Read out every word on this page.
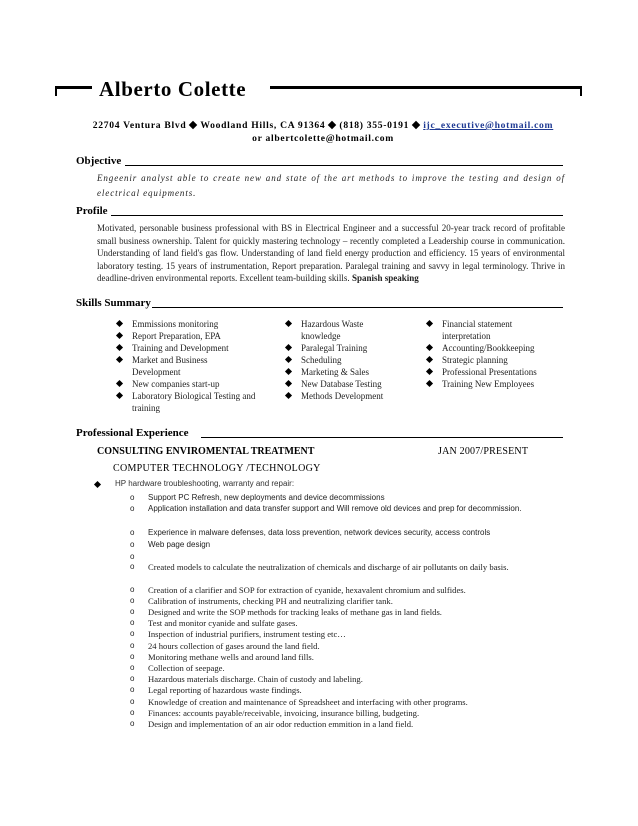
Alberto Colette
22704 Ventura Blvd Woodland Hills, CA 91364 (818) 355-0191 ijc_executive@hotmail.com
or albertcolette@hotmail.com
Objective
Engeenir analyst able to create new and state of the art methods to improve the testing and design of electrical equipments.
Profile
Motivated, personable business professional with BS in Electrical Engineer and a successful 20-year track record of profitable small business ownership. Talent for quickly mastering technology – recently completed a Leadership course in communication. Understanding of land field's gas flow. Understanding of land field energy production and efficiency. 15 years of environmental laboratory testing. 15 years of instrumentation, Report preparation. Paralegal training and savvy in legal terminology. Thrive in deadline-driven environmental reports. Excellent team-building skills. Spanish speaking
Skills Summary
Emmissions monitoring
Report Preparation, EPA
Training and Development
Market and Business Development
New companies start-up
Laboratory Biological Testing and training
Hazardous Waste knowledge
Paralegal Training
Scheduling
Marketing & Sales
New Database Testing
Methods Development
Financial statement interpretation
Accounting/Bookkeeping
Strategic planning
Professional Presentations
Training New Employees
Professional Experience
CONSULTING ENVIROMENTAL TREATMENT	JAN 2007/PRESENT
COMPUTER TECHNOLOGY /TECHNOLOGY
HP hardware troubleshooting, warranty and repair:
o Support PC Refresh, new deployments and device decommissions
o Application installation and data transfer support and Will remove old devices and prep for decommission.
o Experience in malware defenses, data loss prevention, network devices security, access controls
o Web page design
o
o Created models to calculate the neutralization of chemicals and discharge of air pollutants on daily basis.
o Creation of a clarifier and SOP for extraction of cyanide, hexavalent chromium and sulfides.
o Calibration of instruments, checking PH and neutralizing clarifier tank.
o Designed and write the SOP methods for tracking leaks of methane gas in land fields.
o Test and monitor cyanide and sulfate gases.
o Inspection of industrial purifiers, instrument testing etc…
o 24 hours collection of gases around the land field.
o Monitoring methane wells and around land fills.
o Collection of seepage.
o Hazardous materials discharge. Chain of custody and labeling.
o Legal reporting of hazardous waste findings.
o Knowledge of creation and maintenance of Spreadsheet and interfacing with other programs.
o Finances: accounts payable/receivable, invoicing, insurance billing, budgeting.
o Design and implementation of an air odor reduction emmition in a land field.
